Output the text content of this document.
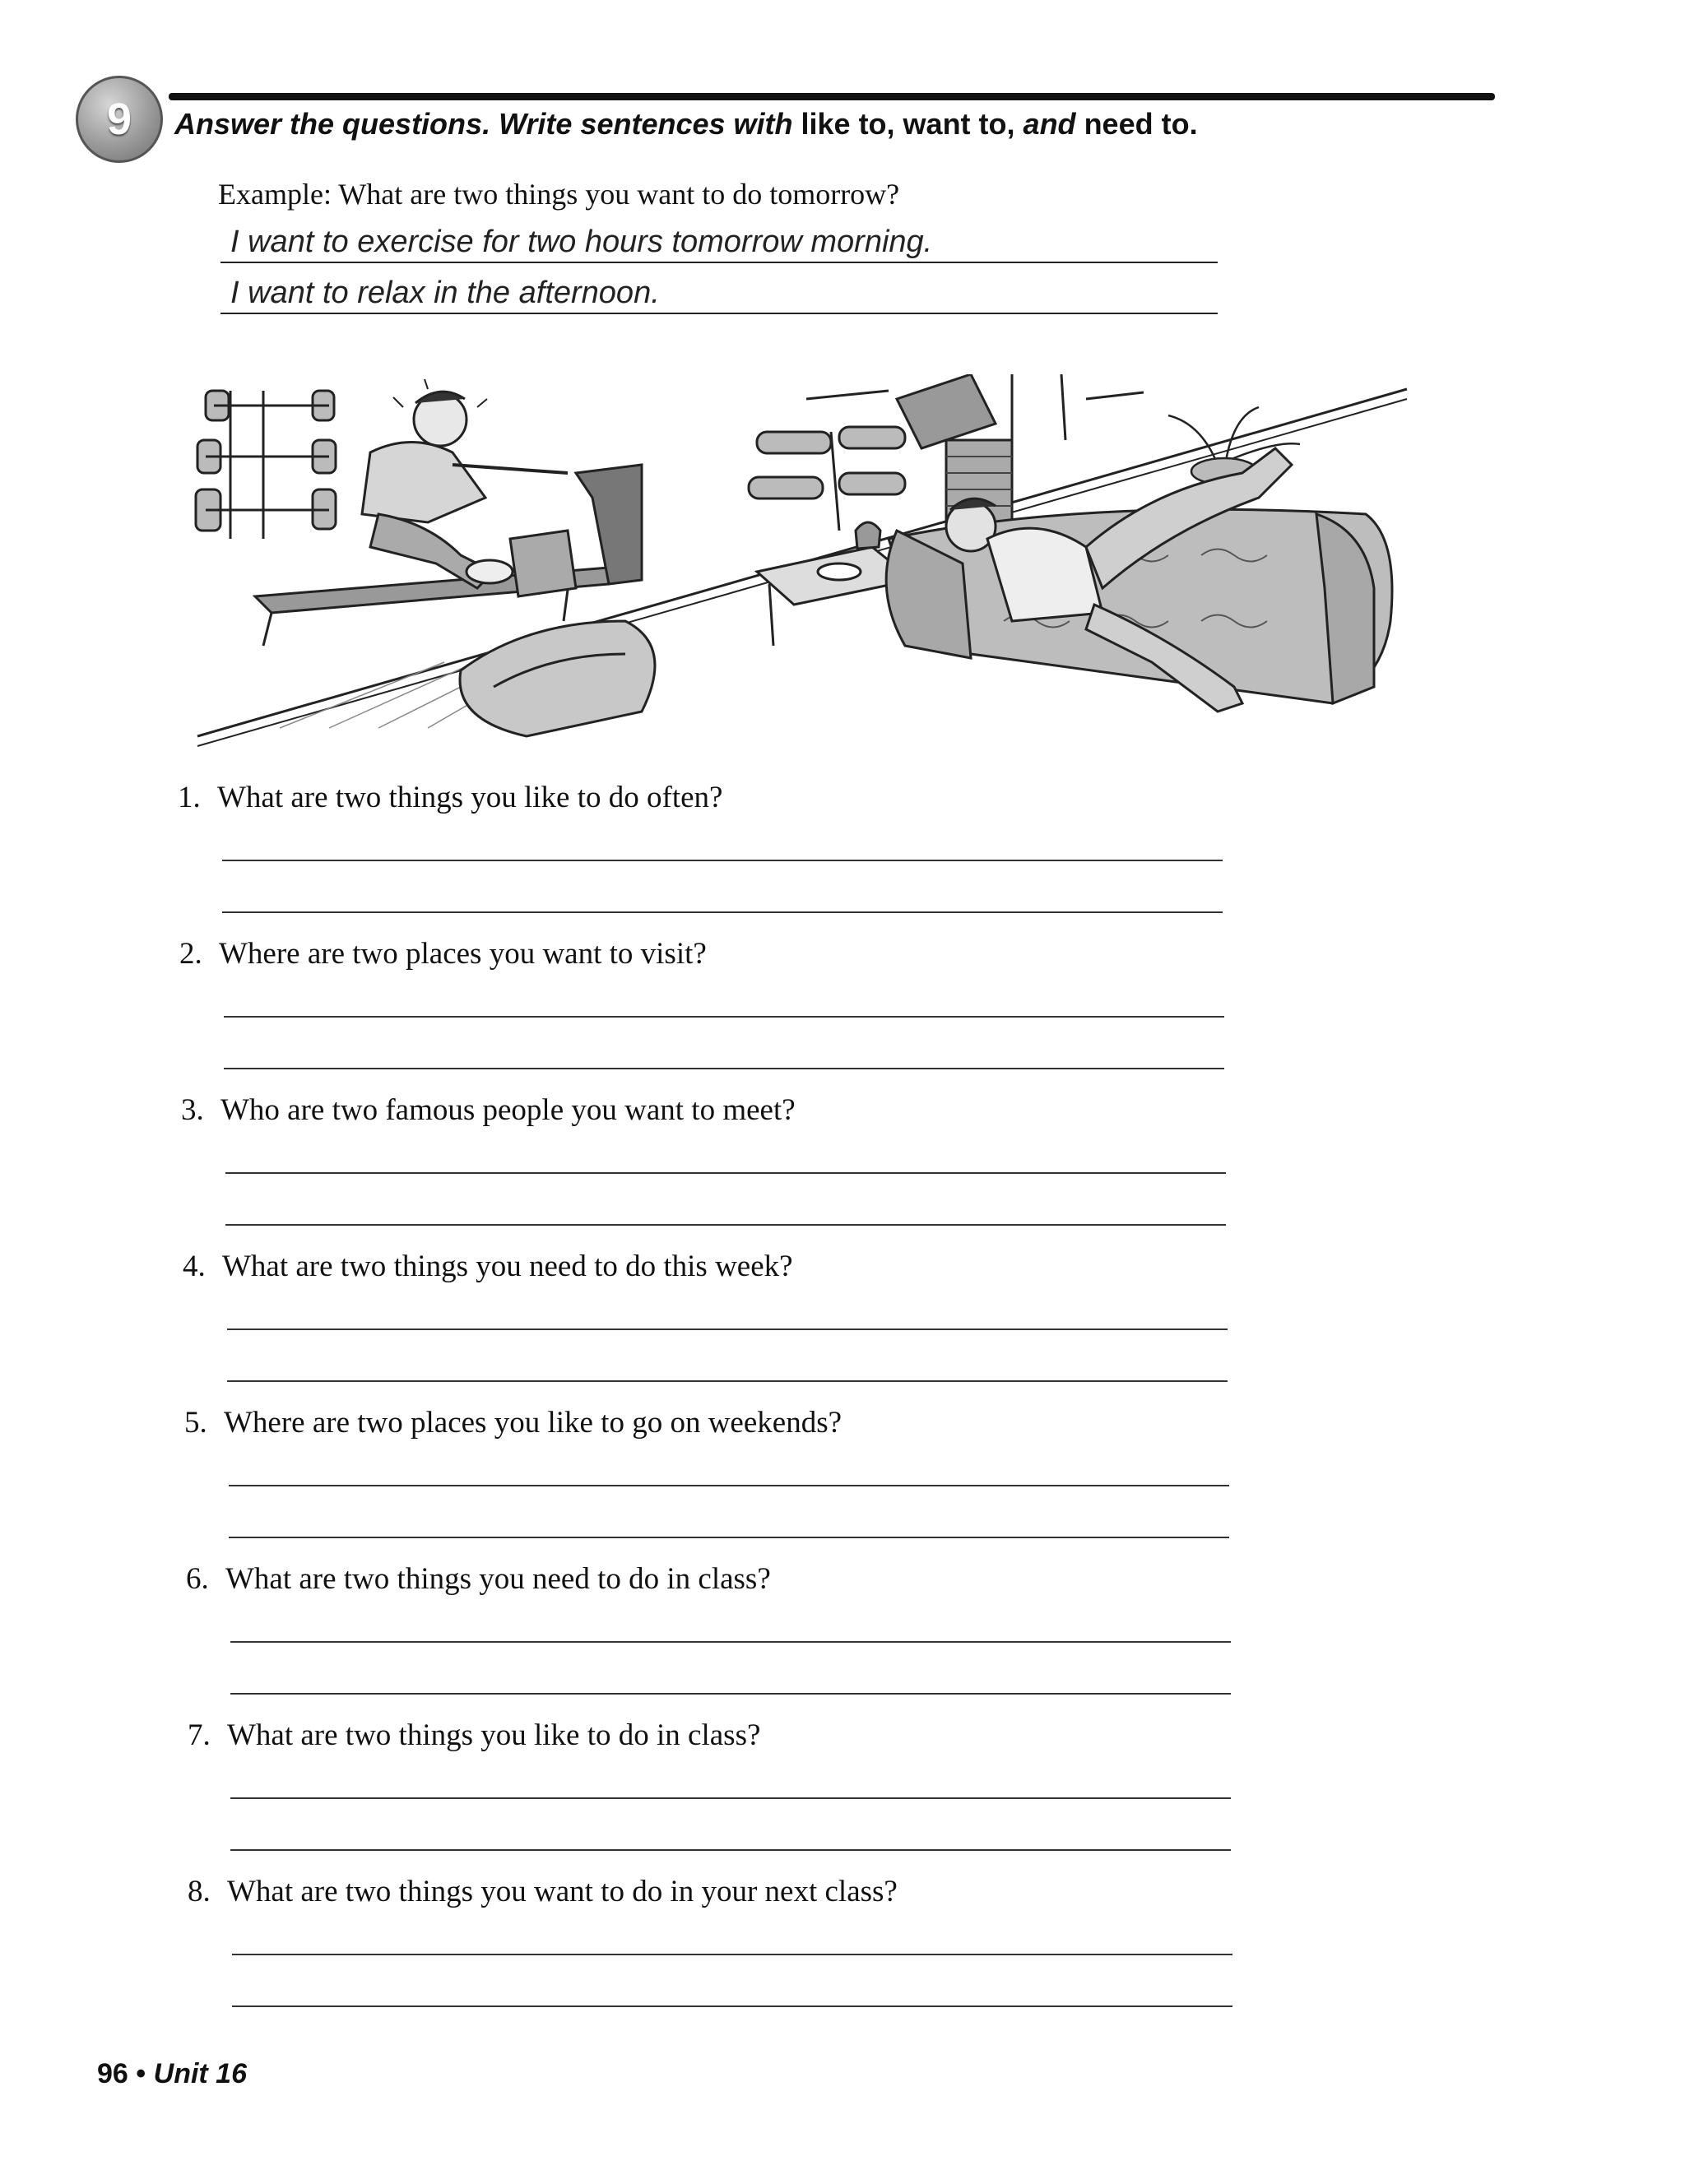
9	Answer the questions. Write sentences with like to, want to, and need to.

Example: What are two things you want to do tomorrow?
I want to exercise for two hours tomorrow morning.
I want to relax in the afternoon.
1. What are two things you like to do often?
2. Where are two places you want to visit?
3. Who are two famous people you want to meet?
4. What are two things you need to do this week?
5. Where are two places you like to go on weekends?
6. What are two things you need to do in class?
7. What are two things you like to do in class?
8. What are two things you want to do in your next class?
96 • Unit 16
